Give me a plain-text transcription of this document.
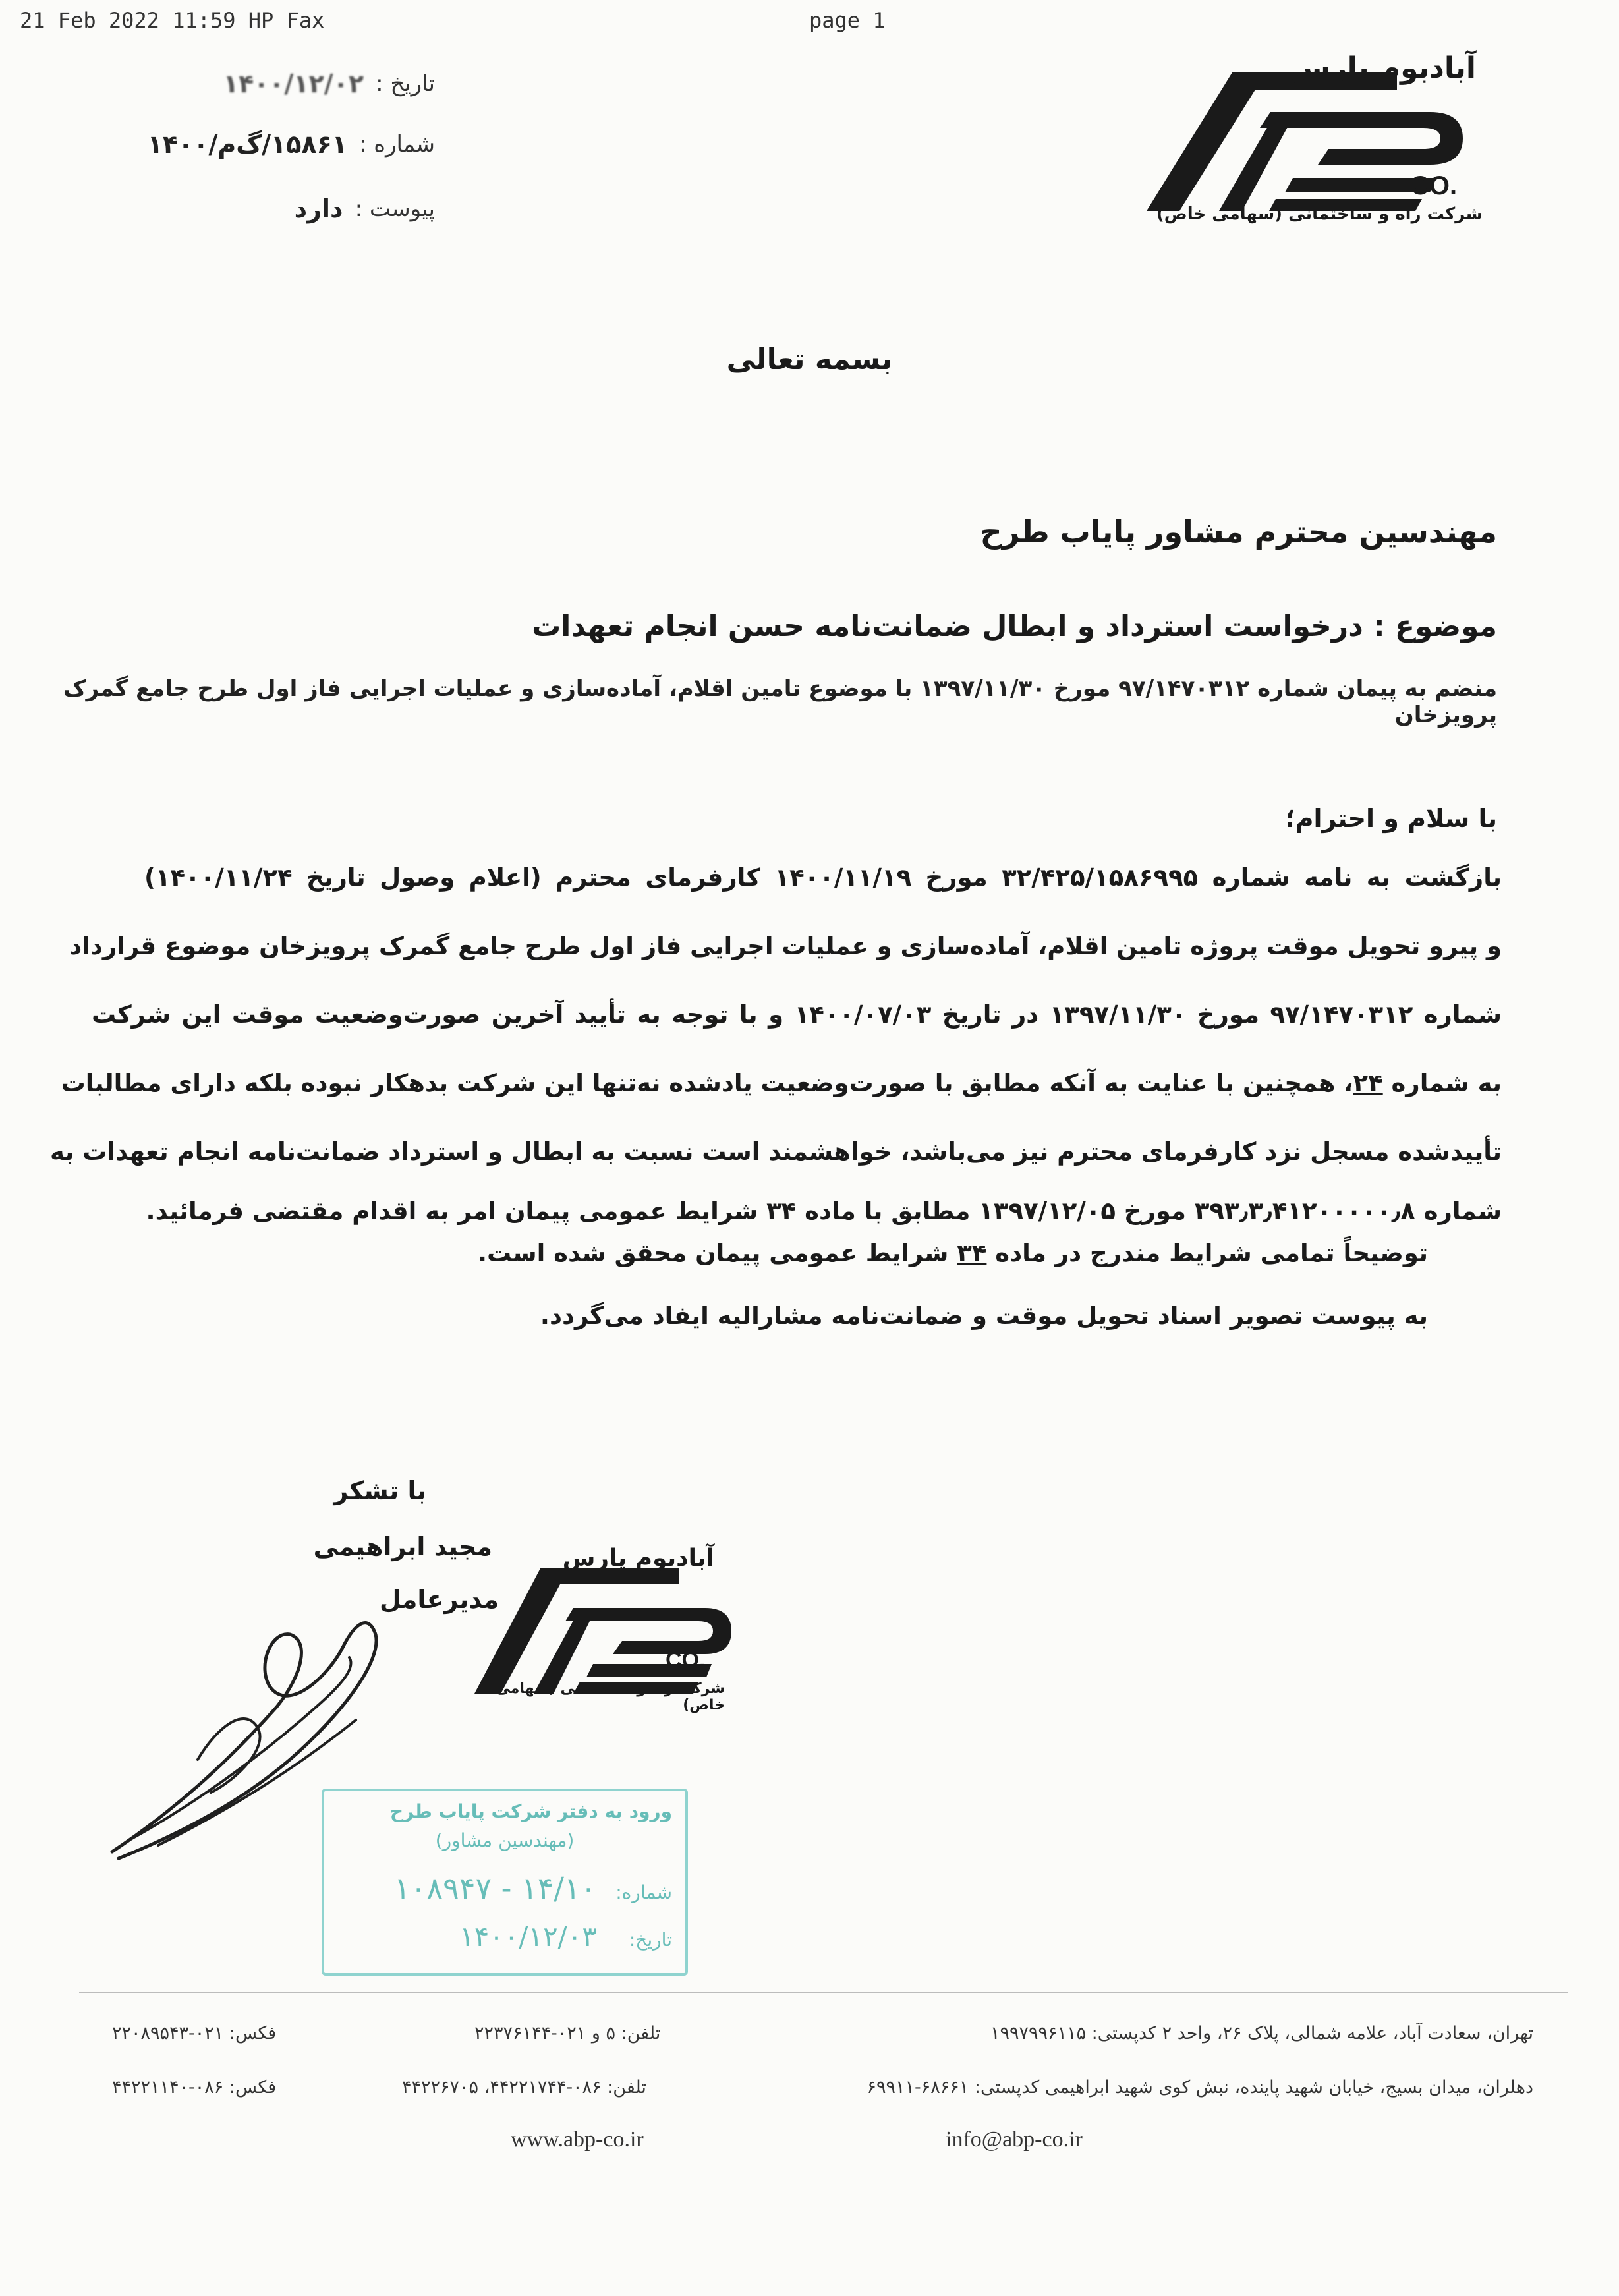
21 Feb 2022 11:59 HP Fax	page 1
تاریخ :
۱۴۰۰/۱۲/۰۲
شماره :
۱۵۸۶۱/گ‌م/۱۴۰۰
پیوست :
دارد
آبادبوم پارس
CO.
شرکت راه و ساختمانی (سهامی خاص)
بسمه تعالی
مهندسین محترم مشاور پایاب طرح
موضوع : درخواست استرداد و ابطال ضمانت‌نامه حسن انجام تعهدات
منضم به پیمان شماره ۹۷/۱۴۷۰۳۱۲ مورخ ۱۳۹۷/۱۱/۳۰ با موضوع تامین اقلام، آماده‌سازی و عملیات اجرایی فاز اول طرح جامع گمرک پرویزخان
با سلام و احترام؛
بازگشت به نامه شماره ۳۲/۴۲۵/۱۵۸۶۹۹۵ مورخ ۱۴۰۰/۱۱/۱۹ کارفرمای محترم (اعلام وصول تاریخ ۱۴۰۰/۱۱/۲۴)
و پیرو تحویل موقت پروژه تامین اقلام، آماده‌سازی و عملیات اجرایی فاز اول طرح جامع گمرک پرویزخان موضوع قرارداد
شماره ۹۷/۱۴۷۰۳۱۲ مورخ ۱۳۹۷/۱۱/۳۰ در تاریخ ۱۴۰۰/۰۷/۰۳ و با توجه به تأیید آخرین صورت‌وضعیت موقت این شرکت
به شماره ۲۴، همچنین با عنایت به آنکه مطابق با صورت‌وضعیت یادشده نه‌تنها این شرکت بدهکار نبوده بلکه دارای مطالبات
تأییدشده مسجل نزد کارفرمای محترم نیز می‌باشد، خواهشمند است نسبت به ابطال و استرداد ضمانت‌نامه انجام تعهدات به
شماره ۳۹۳٫۳٫۴۱۲۰۰۰۰۰٫۸ مورخ ۱۳۹۷/۱۲/۰۵ مطابق با ماده ۳۴ شرایط عمومی پیمان امر به اقدام مقتضی فرمائید.
توضیحاً تمامی شرایط مندرج در ماده ۳۴ شرایط عمومی پیمان محقق شده است.
به پیوست تصویر اسناد تحویل موقت و ضمانت‌نامه مشارالیه ایفاد می‌گردد.
با تشکر
مجید ابراهیمی
مدیرعامل
آبادبوم پارس
CO.
شرکت راه و ساختمانی (سهامی خاص)
ورود به دفتر شرکت پایاب طرح
(مهندسین مشاور)
شماره: ۱۴/۱۰ - ۱۰۸۹۴۷
تاریخ: ۱۴۰۰/۱۲/۰۳
تهران، سعادت آباد، علامه شمالی، پلاک ۲۶، واحد ۲ کدپستی: ۱۹۹۷۹۹۶۱۱۵
تلفن: ۵ و ۰۲۱-۲۲۳۷۶۱۴۴
فکس: ۰۲۱-۲۲۰۸۹۵۴۳
دهلران، میدان بسیج، خیابان شهید پاینده، نبش کوی شهید ابراهیمی کدپستی: ۶۸۶۶۱-۶۹۹۱۱
تلفن: ۰۸۶-۴۴۲۲۱۷۴۴، ۴۴۲۲۶۷۰۵
فکس: ۰۸۶-۴۴۲۲۱۱۴۰
www.abp-co.ir	info@abp-co.ir
